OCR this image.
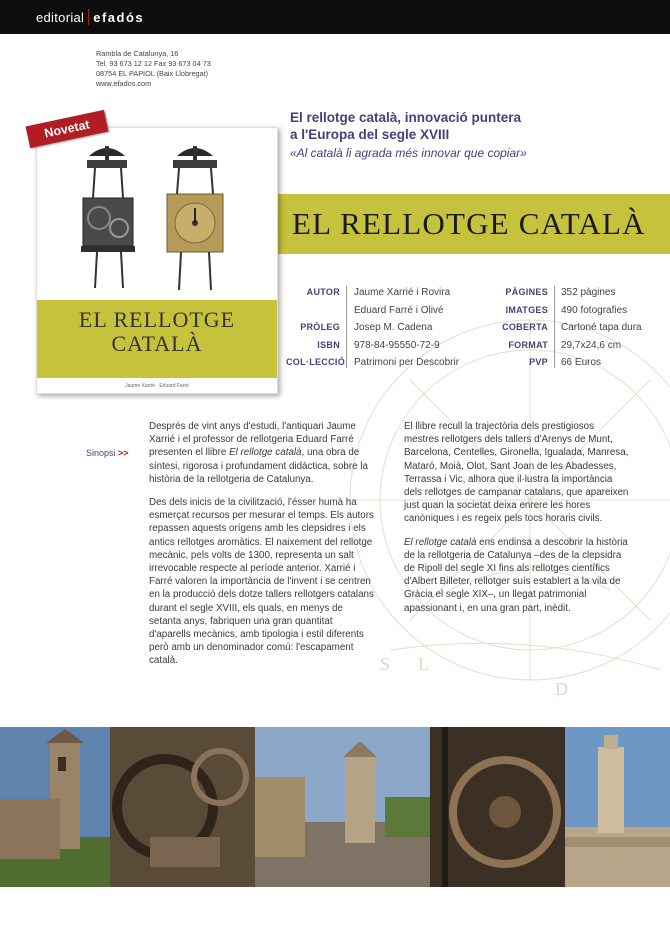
editorial efadós
Rambla de Catalunya, 16
Tel. 93 673 12 12 Fax 93 673 04 73
08754 EL PAPIOL (Baix Llobregat)
www.efados.com
S L
D
El rellotge català, innovació puntera
a l'Europa del segle XVIII
«Al català li agrada més innovar que copiar»
EL RELLOTGE CATALÀ
EL RELLOTGE
CATALÀ
Jaume Xarrié · Eduard Farré
Novetat
AUTOR

PRÒLEG
ISBN
COL·LECCIÓ
Jaume Xarrié i Rovira
Eduard Farré i Olivé
Josep M. Cadena
978-84-95550-72-9
Patrimoni per Descobrir
PÀGINES
IMATGES
COBERTA
FORMAT
PVP
352 pàgines
490 fotografies
Cartoné tapa dura
29,7x24,6 cm
66 Euros
Sinopsi >>

Després de vint anys d'estudi, l'antiquari Jaume Xarrié i el professor de rellotgeria Eduard Farré presenten el llibre El rellotge català, una obra de síntesi, rigorosa i profundament didàctica, sobre la història de la rellotgeria de Catalunya.

Des dels inicis de la civilització, l'ésser humà ha esmerçat recursos per mesurar el temps. Els autors repassen aquests orígens amb les clepsidres i els antics rellotges aromàtics. El naixement del rellotge mecànic, pels volts de 1300, representa un salt irrevocable respecte al període anterior. Xarrié i Farré valoren la importància de l'invent i se centren en la producció dels dotze tallers rellotgers catalans durant el segle XVIII, els quals, en menys de setanta anys, fabriquen una gran quantitat d'aparells mecànics, amb tipologia i estil diferents però amb un denominador comú: l'escapament català.

El llibre recull la trajectòria dels prestigiosos mestres rellotgers dels tallers d'Arenys de Munt, Barcelona, Centelles, Gironella, Igualada, Manresa, Mataró, Moià, Olot, Sant Joan de les Abadesses, Terrassa i Vic, alhora que il·lustra la importància dels rellotges de campanar catalans, que apareixen just quan la societat deixa enrere les hores canòniques i es regeix pels tocs horaris civils.

El rellotge català ens endinsa a descobrir la història de la rellotgeria de Catalunya –des de la clepsidra de Ripoll del segle XI fins als rellotges científics d'Albert Billeter, rellotger suís establert a la vila de Gràcia el segle XIX–, un llegat patrimonial apassionant i, en una gran part, inèdit.
